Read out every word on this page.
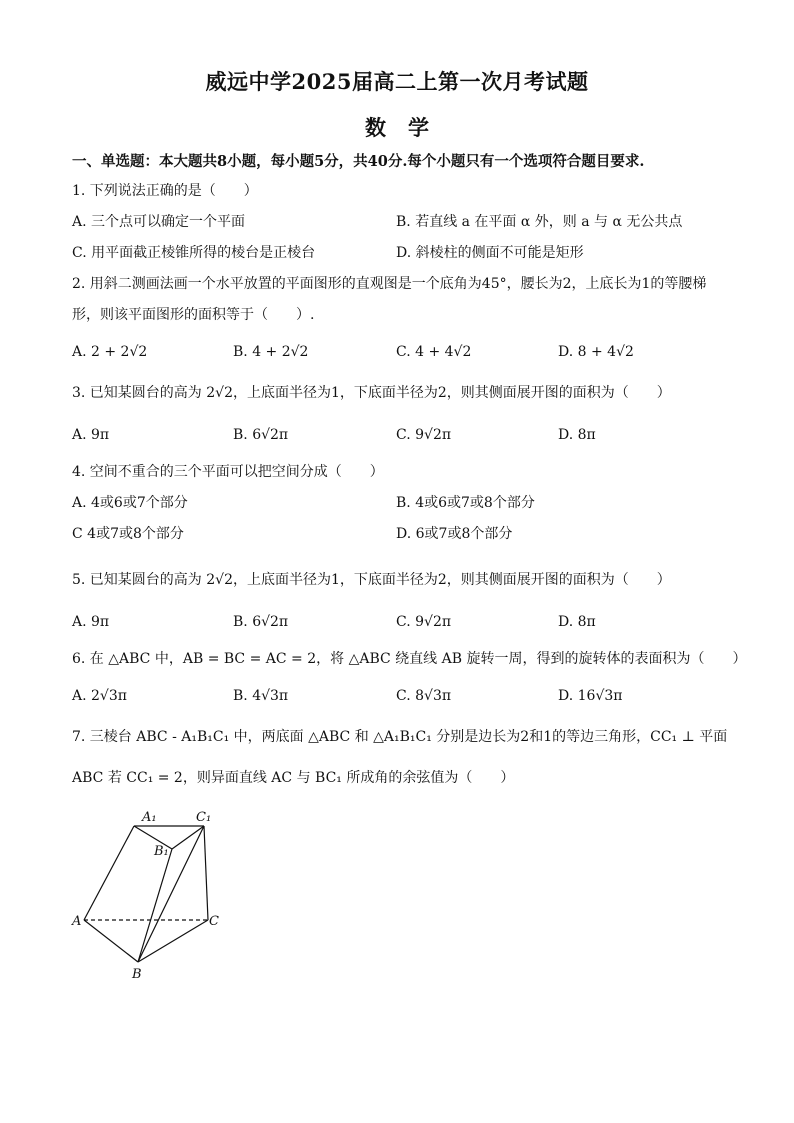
威远中学2025届高二上第一次月考试题
数学
一、单选题：本大题共8小题，每小题5分，共40分.每个小题只有一个选项符合题目要求.
1. 下列说法正确的是（　　）
A. 三个点可以确定一个平面	B. 若直线 a 在平面 α 外，则 a 与 α 无公共点
C. 用平面截正棱锥所得的棱台是正棱台	D. 斜棱柱的侧面不可能是矩形
2. 用斜二测画法画一个水平放置的平面图形的直观图是一个底角为45°，腰长为2，上底长为1的等腰梯
形，则该平面图形的面积等于（　　）.
A. 2 + 2√2	B. 4 + 2√2	C. 4 + 4√2	D. 8 + 4√2
3. 已知某圆台的高为 2√2，上底面半径为1，下底面半径为2，则其侧面展开图的面积为（　　）
A. 9π	B. 6√2π	C. 9√2π	D. 8π
4. 空间不重合的三个平面可以把空间分成（　　）
A. 4或6或7个部分	B. 4或6或7或8个部分
C 4或7或8个部分	D. 6或7或8个部分
5. 已知某圆台的高为 2√2，上底面半径为1，下底面半径为2，则其侧面展开图的面积为（　　）
A. 9π	B. 6√2π	C. 9√2π	D. 8π
6. 在 △ABC 中，AB = BC = AC = 2，将 △ABC 绕直线 AB 旋转一周，得到的旋转体的表面积为（　　）
A. 2√3π	B. 4√3π	C. 8√3π	D. 16√3π
7. 三棱台 ABC - A₁B₁C₁ 中，两底面 △ABC 和 △A₁B₁C₁ 分别是边长为2和1的等边三角形，CC₁ ⊥ 平面
ABC 若 CC₁ = 2，则异面直线 AC 与 BC₁ 所成角的余弦值为（　　）
A₁	C₁
B₁
A	C
B
